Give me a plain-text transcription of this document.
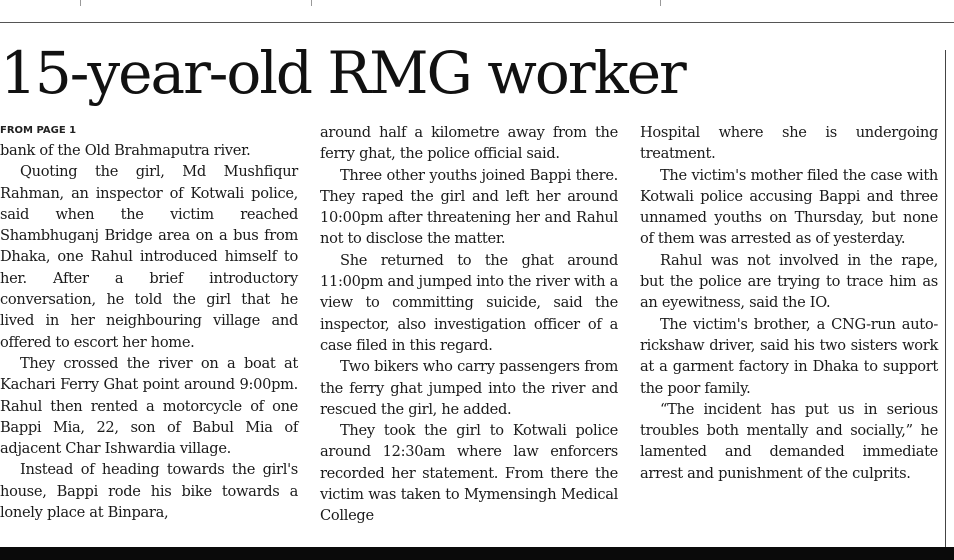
15-year-old RMG worker
FROM PAGE 1

bank of the Old Brahmaputra river.

Quoting the girl, Md Mushfiqur Rahman, an inspector of Kotwali police, said when the victim reached Shambhuganj Bridge area on a bus from Dhaka, one Rahul introduced himself to her. After a brief introductory conversation, he told the girl that he lived in her neighbouring village and offered to escort her home.

They crossed the river on a boat at Kachari Ferry Ghat point around 9:00pm. Rahul then rented a motorcycle of one Bappi Mia, 22, son of Babul Mia of adjacent Char Ishwardia village.

Instead of heading towards the girl's house, Bappi rode his bike towards a lonely place at Binpara,

around half a kilometre away from the ferry ghat, the police official said.

Three other youths joined Bappi there. They raped the girl and left her around 10:00pm after threatening her and Rahul not to disclose the matter.

She returned to the ghat around 11:00pm and jumped into the river with a view to committing suicide, said the inspector, also investigation officer of a case filed in this regard.

Two bikers who carry passengers from the ferry ghat jumped into the river and rescued the girl, he added.

They took the girl to Kotwali police around 12:30am where law enforcers recorded her statement. From there the victim was taken to Mymensingh Medical College

Hospital where she is undergoing treatment.

The victim's mother filed the case with Kotwali police accusing Bappi and three unnamed youths on Thursday, but none of them was arrested as of yesterday.

Rahul was not involved in the rape, but the police are trying to trace him as an eyewitness, said the IO.

The victim's brother, a CNG-run auto-rickshaw driver, said his two sisters work at a garment factory in Dhaka to support the poor family.

“The incident has put us in serious troubles both mentally and socially,” he lamented and demanded immediate arrest and punishment of the culprits.
